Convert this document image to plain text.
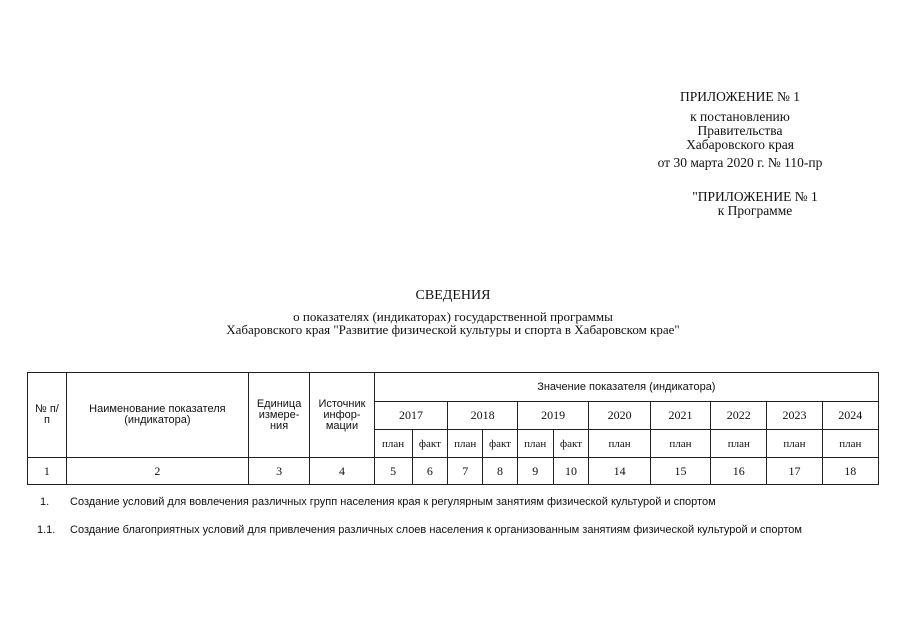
ПРИЛОЖЕНИЕ № 1
к постановлению
Правительства
Хабаровского края
от 30 марта 2020 г. № 110-пр
"ПРИЛОЖЕНИЕ № 1
к Программе
СВЕДЕНИЯ
о показателях (индикаторах) государственной программы
Хабаровского края "Развитие физической культуры и спорта в Хабаровском крае"
№ п/п	Наименование показателя (индикатора)	Единица измере-ния	Источник инфор-мации	Значение показателя (индикатора)										
				2017		2018		2019		2020	2021	2022	2023	2024
				план	факт	план	факт	план	факт	план	план	план	план	план
1	2	3	4	5	6	7	8	9	10	14	15	16	17	18
1. Создание условий для вовлечения различных групп населения края к регулярным занятиям физической культурой и спортом
1.1. Создание благоприятных условий для привлечения различных слоев населения к организованным занятиям физической культурой и спортом
